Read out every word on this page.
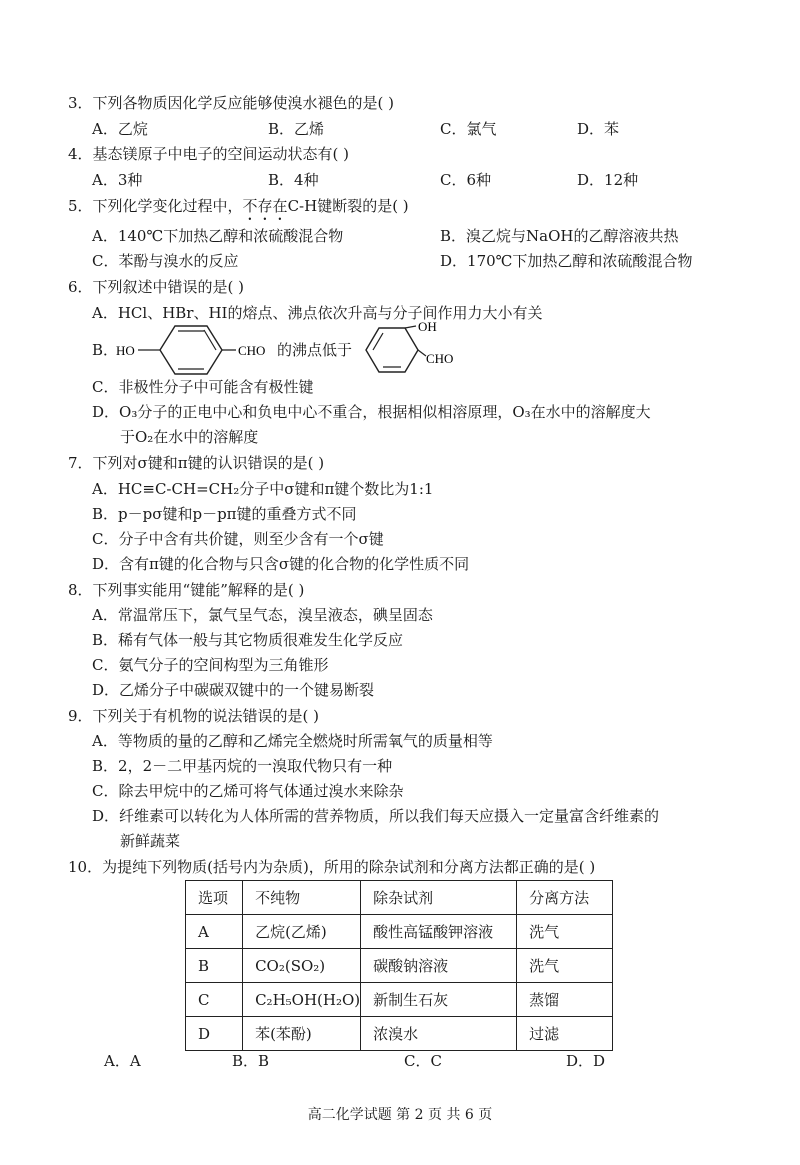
3．下列各物质因化学反应能够使溴水褪色的是( )
A．乙烷	B．乙烯	C．氯气	D．苯
4．基态镁原子中电子的空间运动状态有( )
A．3种	B．4种	C．6种	D．12种
5．下列化学变化过程中，不存在C-H键断裂的是( )
A．140℃下加热乙醇和浓硫酸混合物	B．溴乙烷与NaOH的乙醇溶液共热
C．苯酚与溴水的反应	D．170℃下加热乙醇和浓硫酸混合物
6．下列叙述中错误的是( )
A．HCl、HBr、HI的熔点、沸点依次升高与分子间作用力大小有关
B．
HO	CHO 的沸点低于
OH
CHO
C．非极性分子中可能含有极性键
D．O₃分子的正电中心和负电中心不重合，根据相似相溶原理，O₃在水中的溶解度大
于O₂在水中的溶解度
7．下列对σ键和π键的认识错误的是( )
A．HC≡C-CH=CH₂分子中σ键和π键个数比为1:1
B．p－pσ键和p－pπ键的重叠方式不同
C．分子中含有共价键，则至少含有一个σ键
D．含有π键的化合物与只含σ键的化合物的化学性质不同
8．下列事实能用“键能”解释的是( )
A．常温常压下，氯气呈气态，溴呈液态，碘呈固态
B．稀有气体一般与其它物质很难发生化学反应
C．氨气分子的空间构型为三角锥形
D．乙烯分子中碳碳双键中的一个键易断裂
9．下列关于有机物的说法错误的是( )
A．等物质的量的乙醇和乙烯完全燃烧时所需氧气的质量相等
B．2，2－二甲基丙烷的一溴取代物只有一种
C．除去甲烷中的乙烯可将气体通过溴水来除杂
D．纤维素可以转化为人体所需的营养物质，所以我们每天应摄入一定量富含纤维素的
新鲜蔬菜
10．为提纯下列物质(括号内为杂质)，所用的除杂试剂和分离方法都正确的是( )
选项	不纯物	除杂试剂	分离方法
A	乙烷(乙烯)	酸性高锰酸钾溶液	洗气
B	CO₂(SO₂)	碳酸钠溶液	洗气
C	C₂H₅OH(H₂O)	新制生石灰	蒸馏
D	苯(苯酚)	浓溴水	过滤
A．A	B．B	C．C	D．D
高二化学试题 第 2 页 共 6 页
